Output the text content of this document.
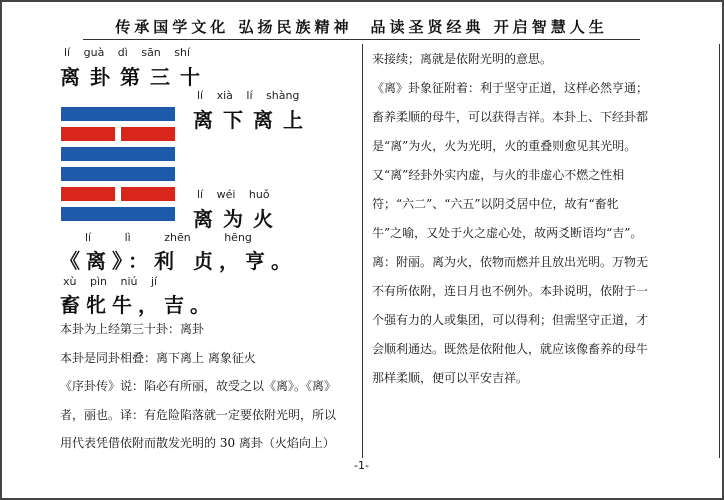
传承国学文化 弘扬民族精神 品读圣贤经典 开启智慧人生
lí guà dì sān shí
离卦第三十
lí xià lí shàng
离下离上
lí wéi huǒ
离为火
lí lì zhēn hēng
《离》：利 贞，亨。
xù pìn niú jí
畜牝牛，吉。
本卦为上经第三十卦：离卦
本卦是同卦相叠：离下离上 离象征火
《序卦传》说：陷必有所丽，故受之以《离》。《离》
者，丽也。译：有危险陷落就一定要依附光明，所以
用代表凭借依附而散发光明的 30 离卦（火焰向上）
来接续；离就是依附光明的意思。
《离》卦象征附着：利于坚守正道，这样必然亨通；
畜养柔顺的母牛，可以获得吉祥。本卦上、下经卦都
是“离”为火，火为光明，火的重叠则愈见其光明。
又“离”经卦外实内虚，与火的非虚心不燃之性相
符；“六二”、“六五”以阴爻居中位，故有“畜牝
牛”之喻，又处于火之虚心处，故两爻断语均“吉”。
离：附丽。离为火，依物而燃并且放出光明。万物无
不有所依附，连日月也不例外。本卦说明，依附于一
个强有力的人或集团，可以得利；但需坚守正道，才
会顺利通达。既然是依附他人，就应该像畜养的母牛
那样柔顺，便可以平安吉祥。
-1-
